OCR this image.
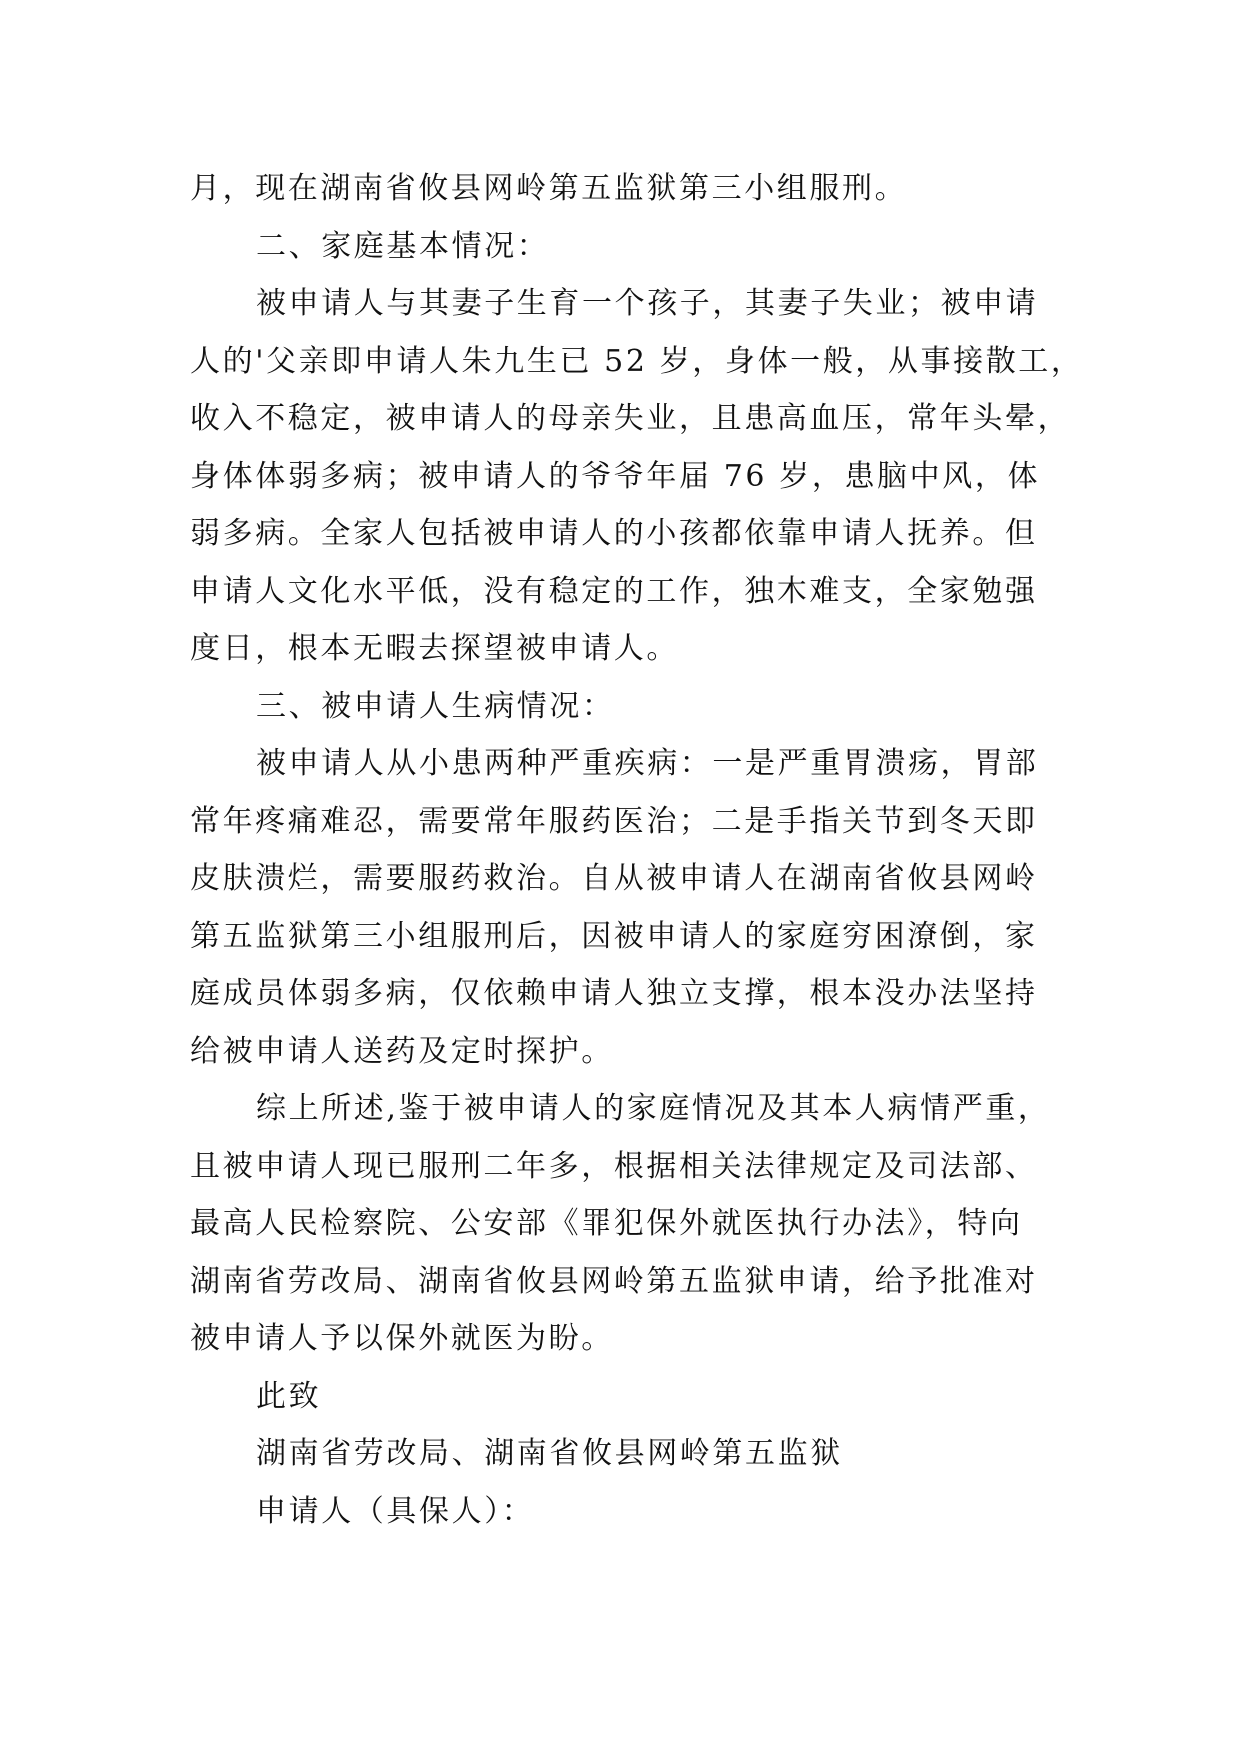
月，现在湖南省攸县网岭第五监狱第三小组服刑。
二、家庭基本情况：
被申请人与其妻子生育一个孩子，其妻子失业；被申请
人的'父亲即申请人朱九生已 52 岁，身体一般，从事接散工，
收入不稳定，被申请人的母亲失业，且患高血压，常年头晕，
身体体弱多病；被申请人的爷爷年届 76 岁，患脑中风，体
弱多病。全家人包括被申请人的小孩都依靠申请人抚养。但
申请人文化水平低，没有稳定的工作，独木难支，全家勉强
度日，根本无暇去探望被申请人。
三、被申请人生病情况：
被申请人从小患两种严重疾病：一是严重胃溃疡，胃部
常年疼痛难忍，需要常年服药医治；二是手指关节到冬天即
皮肤溃烂，需要服药救治。自从被申请人在湖南省攸县网岭
第五监狱第三小组服刑后，因被申请人的家庭穷困潦倒，家
庭成员体弱多病，仅依赖申请人独立支撑，根本没办法坚持
给被申请人送药及定时探护。
综上所述,鉴于被申请人的家庭情况及其本人病情严重，
且被申请人现已服刑二年多，根据相关法律规定及司法部、
最高人民检察院、公安部《罪犯保外就医执行办法》，特向
湖南省劳改局、湖南省攸县网岭第五监狱申请，给予批准对
被申请人予以保外就医为盼。
此致
湖南省劳改局、湖南省攸县网岭第五监狱
申请人（具保人）：
